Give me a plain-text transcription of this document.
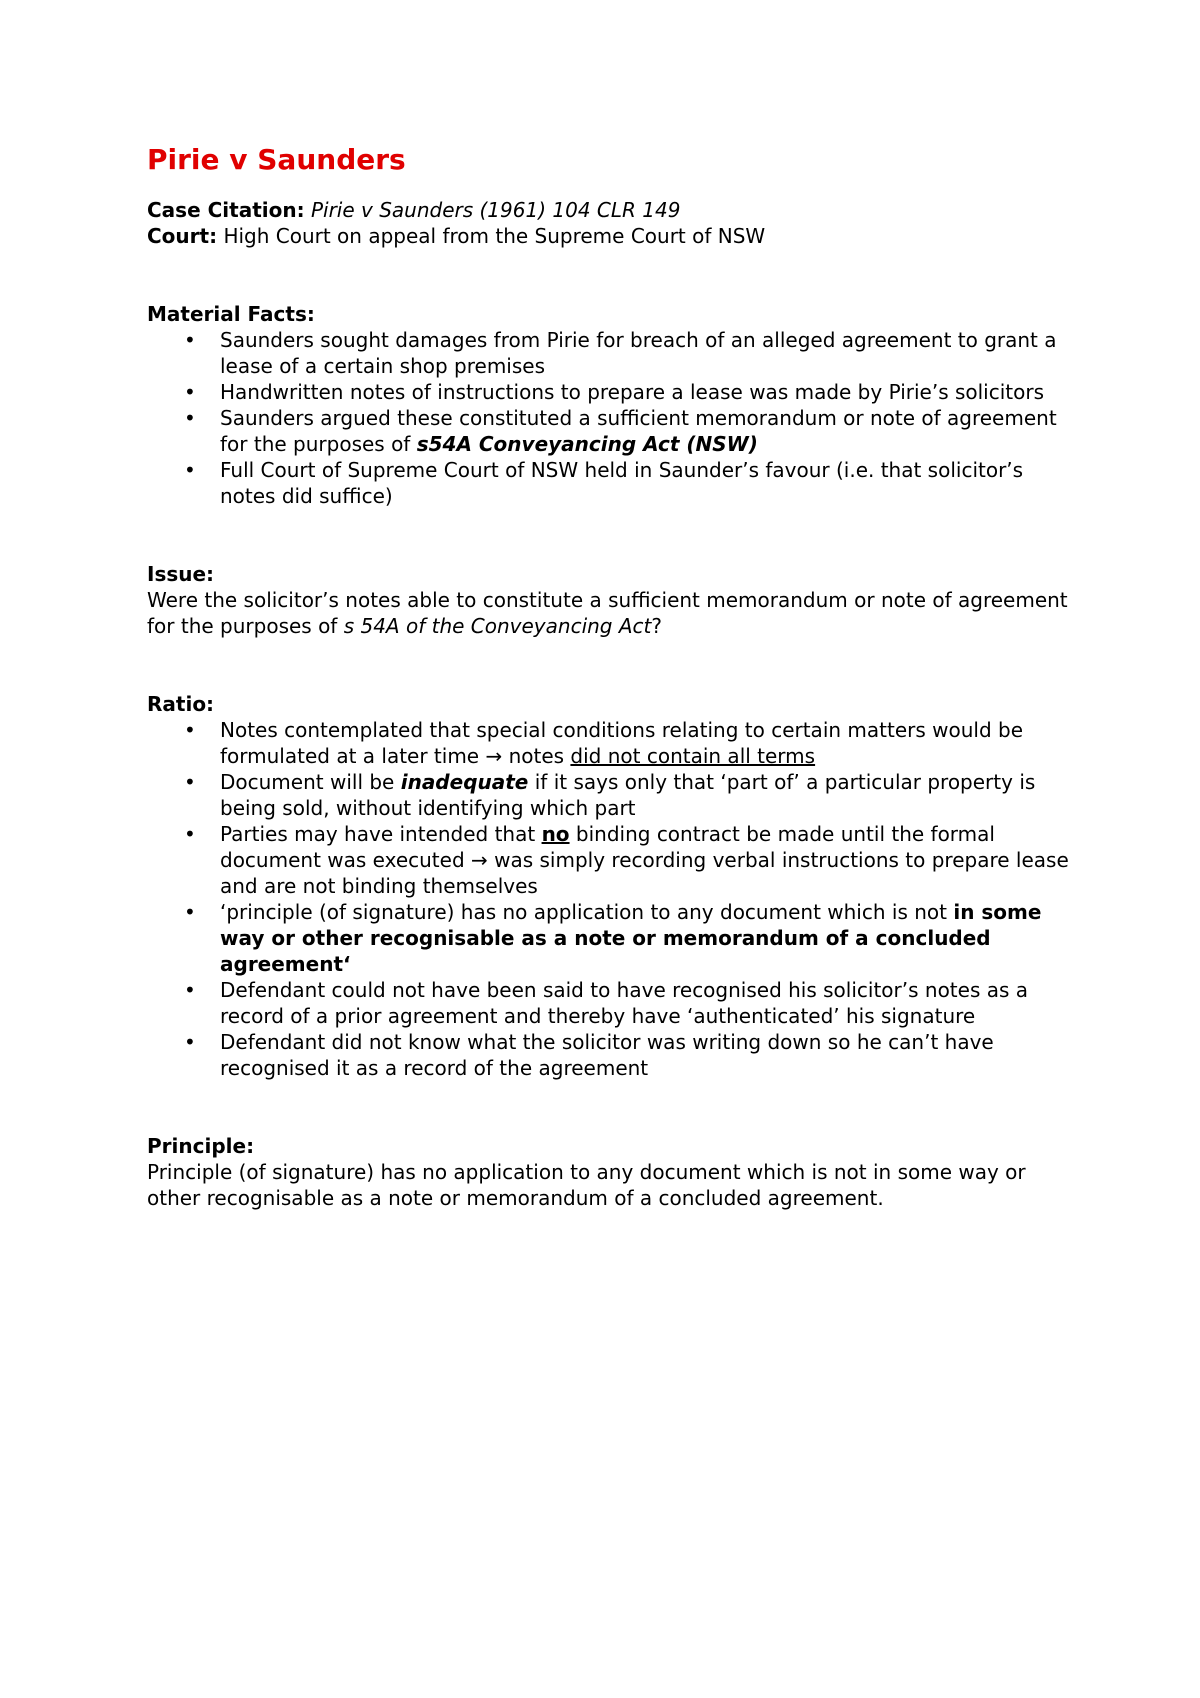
Pirie v Saunders

Case Citation: Pirie v Saunders (1961) 104 CLR 149

Court: High Court on appeal from the Supreme Court of NSW

Material Facts:

• Saunders sought damages from Pirie for breach of an alleged agreement to grant a lease of a certain shop premises
• Handwritten notes of instructions to prepare a lease was made by Pirie’s solicitors
• Saunders argued these constituted a sufficient memorandum or note of agreement for the purposes of s54A Conveyancing Act (NSW)
• Full Court of Supreme Court of NSW held in Saunder’s favour (i.e. that solicitor’s notes did suffice)

Issue:

Were the solicitor’s notes able to constitute a sufficient memorandum or note of agreement for the purposes of s 54A of the Conveyancing Act?

Ratio:

• Notes contemplated that special conditions relating to certain matters would be formulated at a later time → notes did not contain all terms
• Document will be inadequate if it says only that ‘part of’ a particular property is being sold, without identifying which part
• Parties may have intended that no binding contract be made until the formal document was executed → was simply recording verbal instructions to prepare lease and are not binding themselves
• ‘principle (of signature) has no application to any document which is not in some way or other recognisable as a note or memorandum of a concluded agreement‘
• Defendant could not have been said to have recognised his solicitor’s notes as a record of a prior agreement and thereby have ‘authenticated’ his signature
• Defendant did not know what the solicitor was writing down so he can’t have recognised it as a record of the agreement

Principle:

Principle (of signature) has no application to any document which is not in some way or other recognisable as a note or memorandum of a concluded agreement.
